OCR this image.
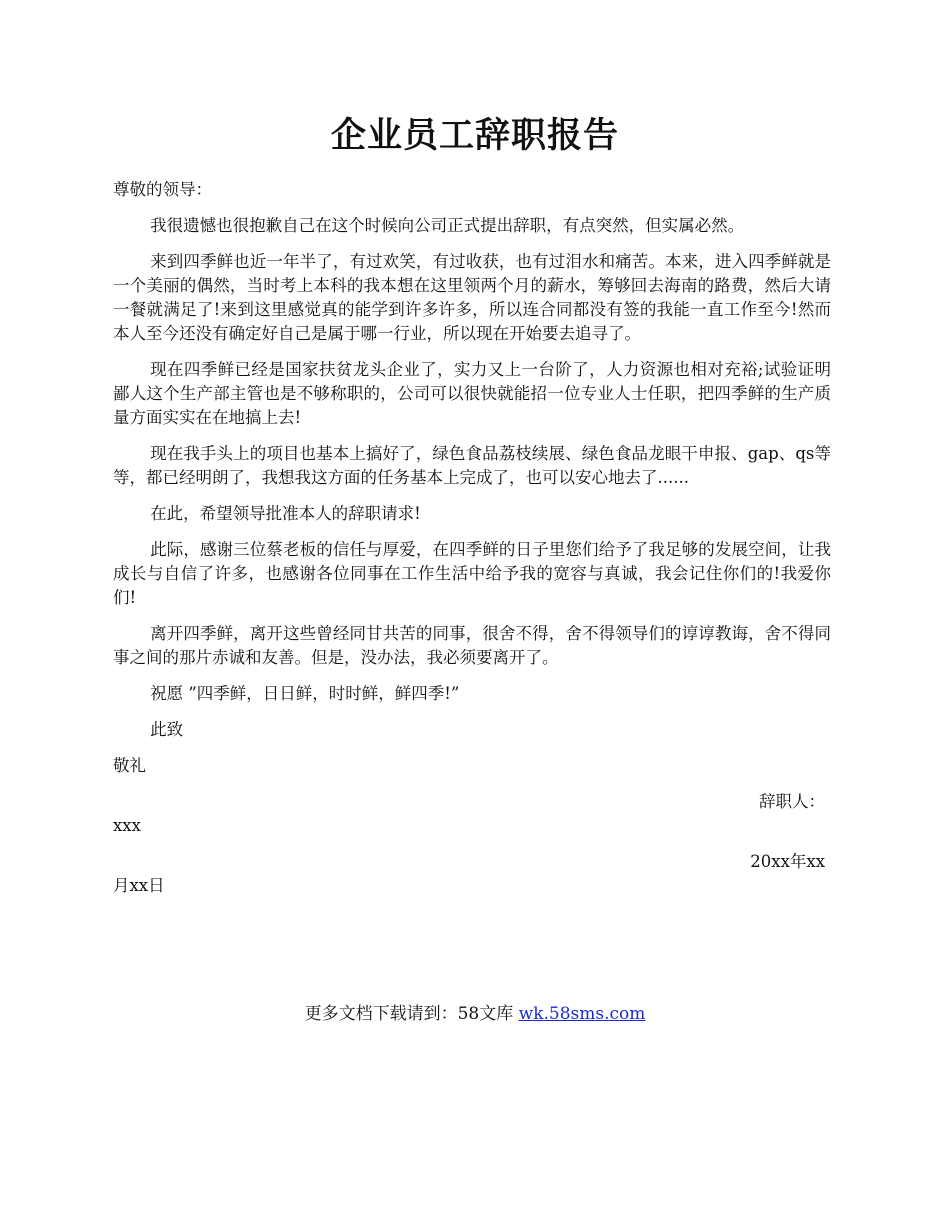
企业员工辞职报告

尊敬的领导：

我很遗憾也很抱歉自己在这个时候向公司正式提出辞职，有点突然，但实属必然。

来到四季鲜也近一年半了，有过欢笑，有过收获，也有过泪水和痛苦。本来，进入四季鲜就是一个美丽的偶然，当时考上本科的我本想在这里领两个月的薪水，筹够回去海南的路费，然后大请一餐就满足了!来到这里感觉真的能学到许多许多，所以连合同都没有签的我能一直工作至今!然而本人至今还没有确定好自己是属于哪一行业，所以现在开始要去追寻了。

现在四季鲜已经是国家扶贫龙头企业了，实力又上一台阶了，人力资源也相对充裕;试验证明鄙人这个生产部主管也是不够称职的，公司可以很快就能招一位专业人士任职，把四季鲜的生产质量方面实实在在地搞上去!

现在我手头上的项目也基本上搞好了，绿色食品荔枝续展、绿色食品龙眼干申报、gap、qs等等，都已经明朗了，我想我这方面的任务基本上完成了，也可以安心地去了......

在此，希望领导批准本人的辞职请求!

此际，感谢三位蔡老板的信任与厚爱，在四季鲜的日子里您们给予了我足够的发展空间，让我成长与自信了许多，也感谢各位同事在工作生活中给予我的宽容与真诚，我会记住你们的!我爱你们!

离开四季鲜，离开这些曾经同甘共苦的同事，很舍不得，舍不得领导们的谆谆教诲，舍不得同事之间的那片赤诚和友善。但是，没办法，我必须要离开了。

祝愿 ”四季鲜，日日鲜，时时鲜，鲜四季!”

此致

敬礼

辞职人：

xxx

20xx年xx

月xx日

更多文档下载请到：58文库 wk.58sms.com
